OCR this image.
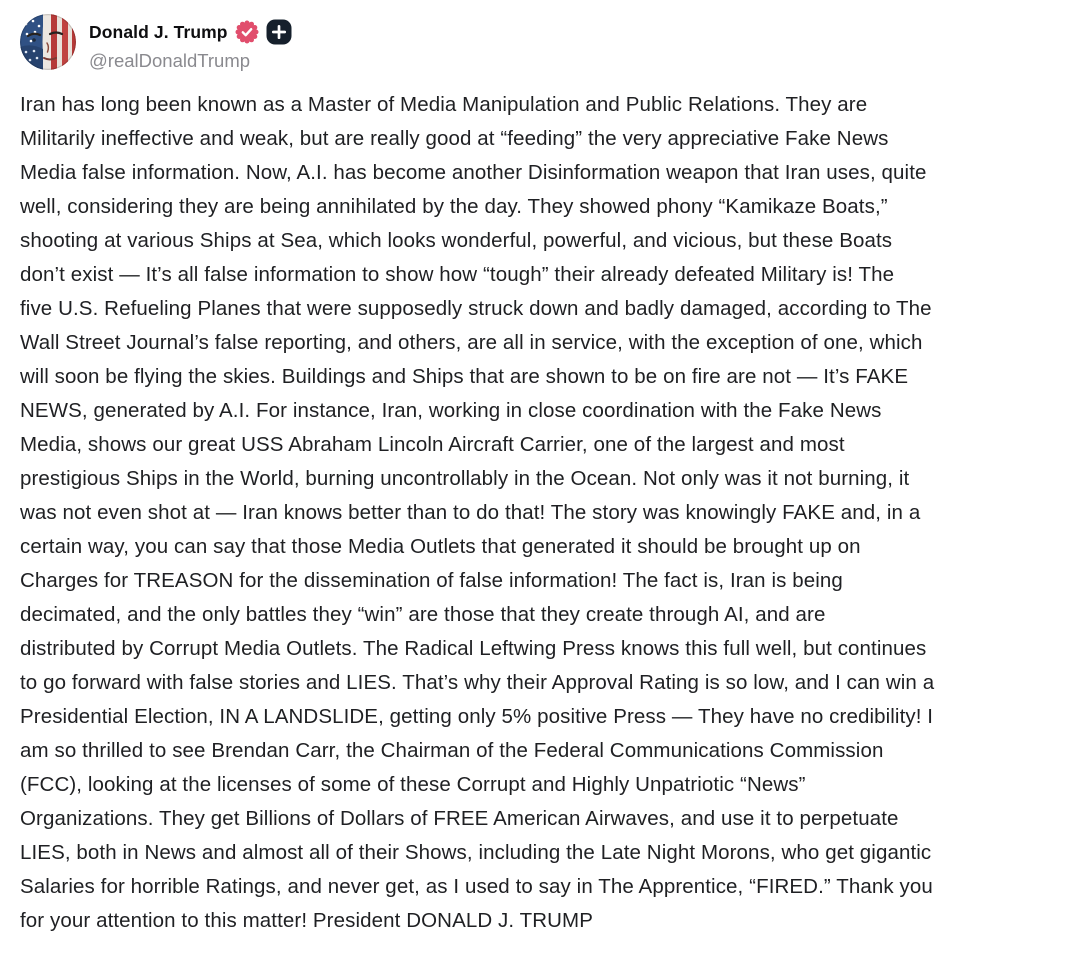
Donald J. Trump
@realDonaldTrump
Iran has long been known as a Master of Media Manipulation and Public Relations. They are
Militarily ineffective and weak, but are really good at “feeding” the very appreciative Fake News
Media false information. Now, A.I. has become another Disinformation weapon that Iran uses, quite
well, considering they are being annihilated by the day. They showed phony “Kamikaze Boats,”
shooting at various Ships at Sea, which looks wonderful, powerful, and vicious, but these Boats
don’t exist — It’s all false information to show how “tough” their already defeated Military is! The
five U.S. Refueling Planes that were supposedly struck down and badly damaged, according to The
Wall Street Journal’s false reporting, and others, are all in service, with the exception of one, which
will soon be flying the skies. Buildings and Ships that are shown to be on fire are not — It’s FAKE
NEWS, generated by A.I. For instance, Iran, working in close coordination with the Fake News
Media, shows our great USS Abraham Lincoln Aircraft Carrier, one of the largest and most
prestigious Ships in the World, burning uncontrollably in the Ocean. Not only was it not burning, it
was not even shot at — Iran knows better than to do that! The story was knowingly FAKE and, in a
certain way, you can say that those Media Outlets that generated it should be brought up on
Charges for TREASON for the dissemination of false information! The fact is, Iran is being
decimated, and the only battles they “win” are those that they create through AI, and are
distributed by Corrupt Media Outlets. The Radical Leftwing Press knows this full well, but continues
to go forward with false stories and LIES. That’s why their Approval Rating is so low, and I can win a
Presidential Election, IN A LANDSLIDE, getting only 5% positive Press — They have no credibility! I
am so thrilled to see Brendan Carr, the Chairman of the Federal Communications Commission
(FCC), looking at the licenses of some of these Corrupt and Highly Unpatriotic “News”
Organizations. They get Billions of Dollars of FREE American Airwaves, and use it to perpetuate
LIES, both in News and almost all of their Shows, including the Late Night Morons, who get gigantic
Salaries for horrible Ratings, and never get, as I used to say in The Apprentice, “FIRED.” Thank you
for your attention to this matter! President DONALD J. TRUMP
